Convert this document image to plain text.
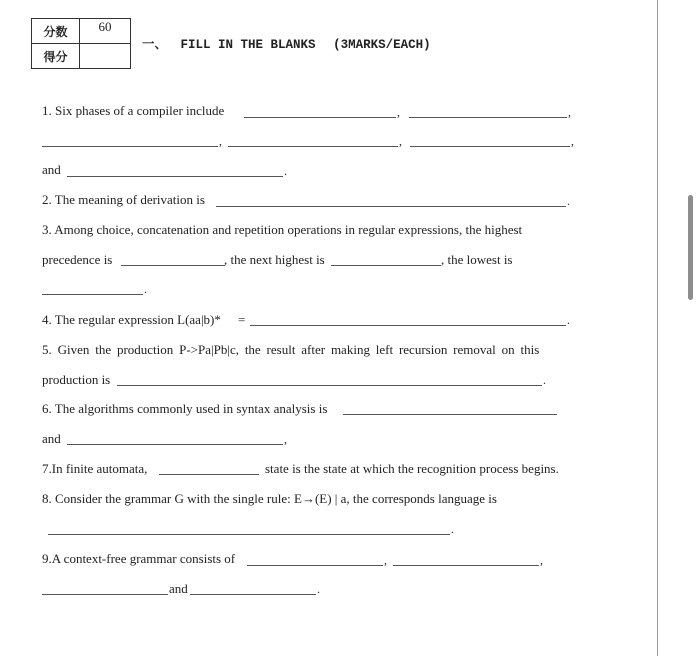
分数	60
得分	
一、 FILL IN THE BLANKS (3MARKS/EACH)
1. Six phases of a compiler include	,	,
,	,	,
and	.
2. The meaning of derivation is	.
3. Among choice, concatenation and repetition operations in regular expressions, the highest
precedence is	, the next highest is	, the lowest is
.
4. The regular expression L(aa|b)* =	.
5. Given the production P->Pa|Pb|c, the result after making left recursion removal on this
production is	.
6. The algorithms commonly used in syntax analysis is
and	,
7.In finite automata,	state is the state at which the recognition process begins.
8. Consider the grammar G with the single rule: E→(E) | a, the corresponds language is
.
9.A context-free grammar consists of	,	,
and	.
